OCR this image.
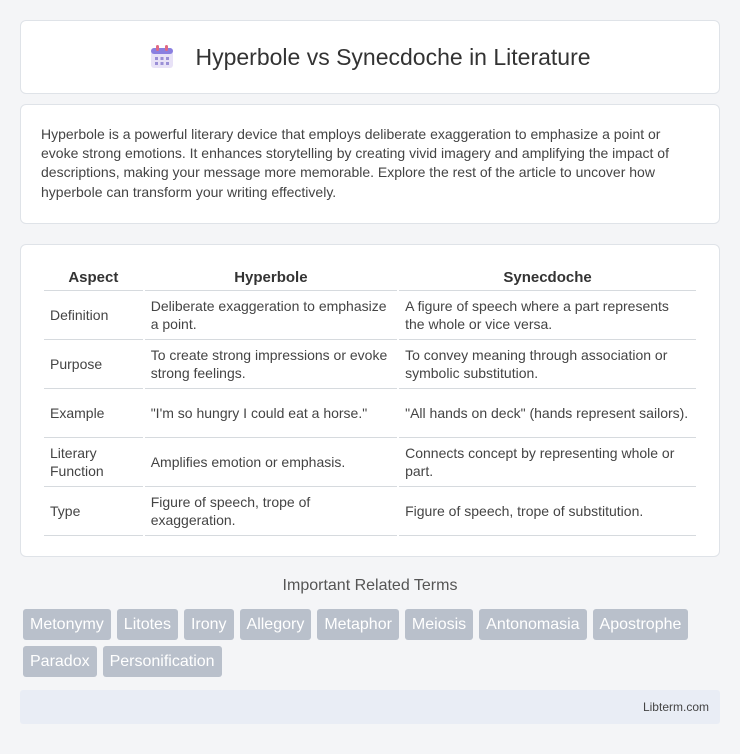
Hyperbole vs Synecdoche in Literature

Hyperbole is a powerful literary device that employs deliberate exaggeration to emphasize a point or evoke strong emotions. It enhances storytelling by creating vivid imagery and amplifying the impact of descriptions, making your message more memorable. Explore the rest of the article to uncover how hyperbole can transform your writing effectively.

Aspect	Hyperbole	Synecdoche
Definition	Deliberate exaggeration to emphasize a point.	A figure of speech where a part represents the whole or vice versa.
Purpose	To create strong impressions or evoke strong feelings.	To convey meaning through association or symbolic substitution.
Example	"I'm so hungry I could eat a horse."	"All hands on deck" (hands represent sailors).
Literary Function	Amplifies emotion or emphasis.	Connects concept by representing whole or part.
Type	Figure of speech, trope of exaggeration.	Figure of speech, trope of substitution.
Important Related Terms
Metonymy	Litotes	Irony	Allegory	Metaphor	Meiosis	Antonomasia	Apostrophe
Paradox	Personification
Libterm.com
